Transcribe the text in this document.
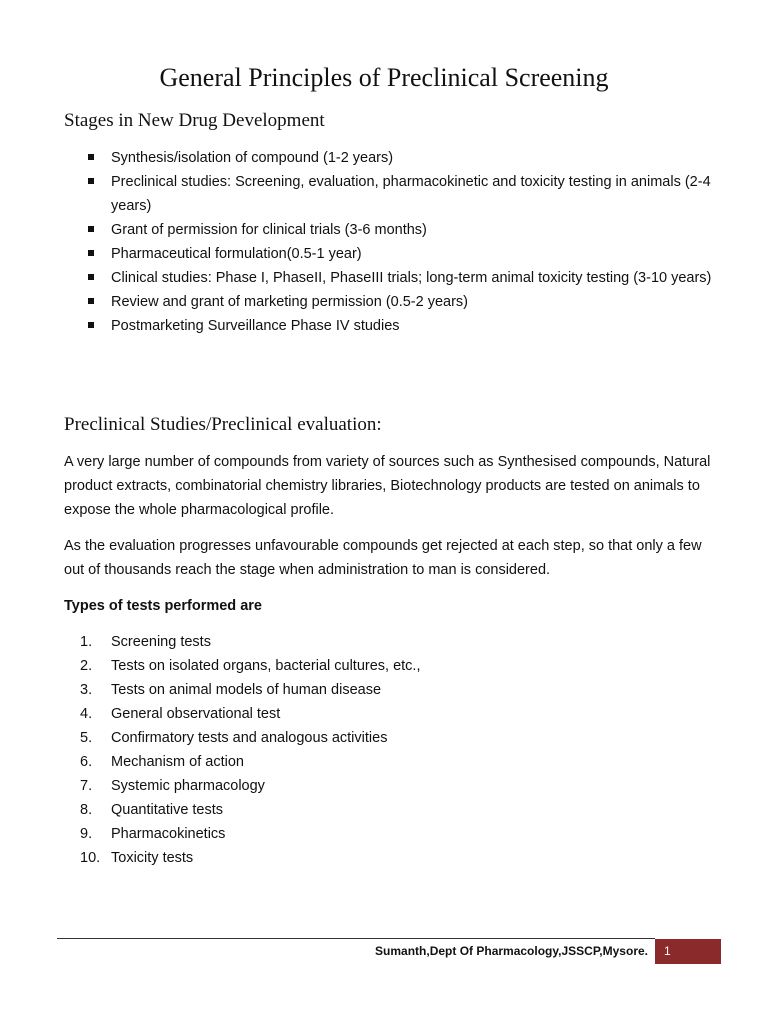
General Principles of Preclinical Screening
Stages in New Drug Development
Synthesis/isolation of compound (1-2 years)
Preclinical studies: Screening, evaluation, pharmacokinetic and toxicity testing in animals (2-4 years)
Grant of permission for clinical trials (3-6 months)
Pharmaceutical formulation(0.5-1 year)
Clinical studies: Phase I, PhaseII, PhaseIII trials; long-term animal toxicity testing (3-10 years)
Review and grant of marketing permission (0.5-2 years)
Postmarketing Surveillance Phase IV studies
Preclinical Studies/Preclinical evaluation:

A very large number of compounds from variety of sources such as Synthesised compounds, Natural product extracts, combinatorial chemistry libraries, Biotechnology products are tested on animals to expose the whole pharmacological profile.

As the evaluation progresses unfavourable compounds get rejected at each step, so that only a few out of thousands reach the stage when administration to man is considered.

Types of tests performed are
1.	Screening tests
2.	Tests on isolated organs, bacterial cultures, etc.,
3.	Tests on animal models of human disease
4.	General observational test
5.	Confirmatory tests and analogous activities
6.	Mechanism of action
7.	Systemic pharmacology
8.	Quantitative tests
9.	Pharmacokinetics
10. Toxicity tests
Sumanth,Dept Of Pharmacology,JSSCP,Mysore.	1
